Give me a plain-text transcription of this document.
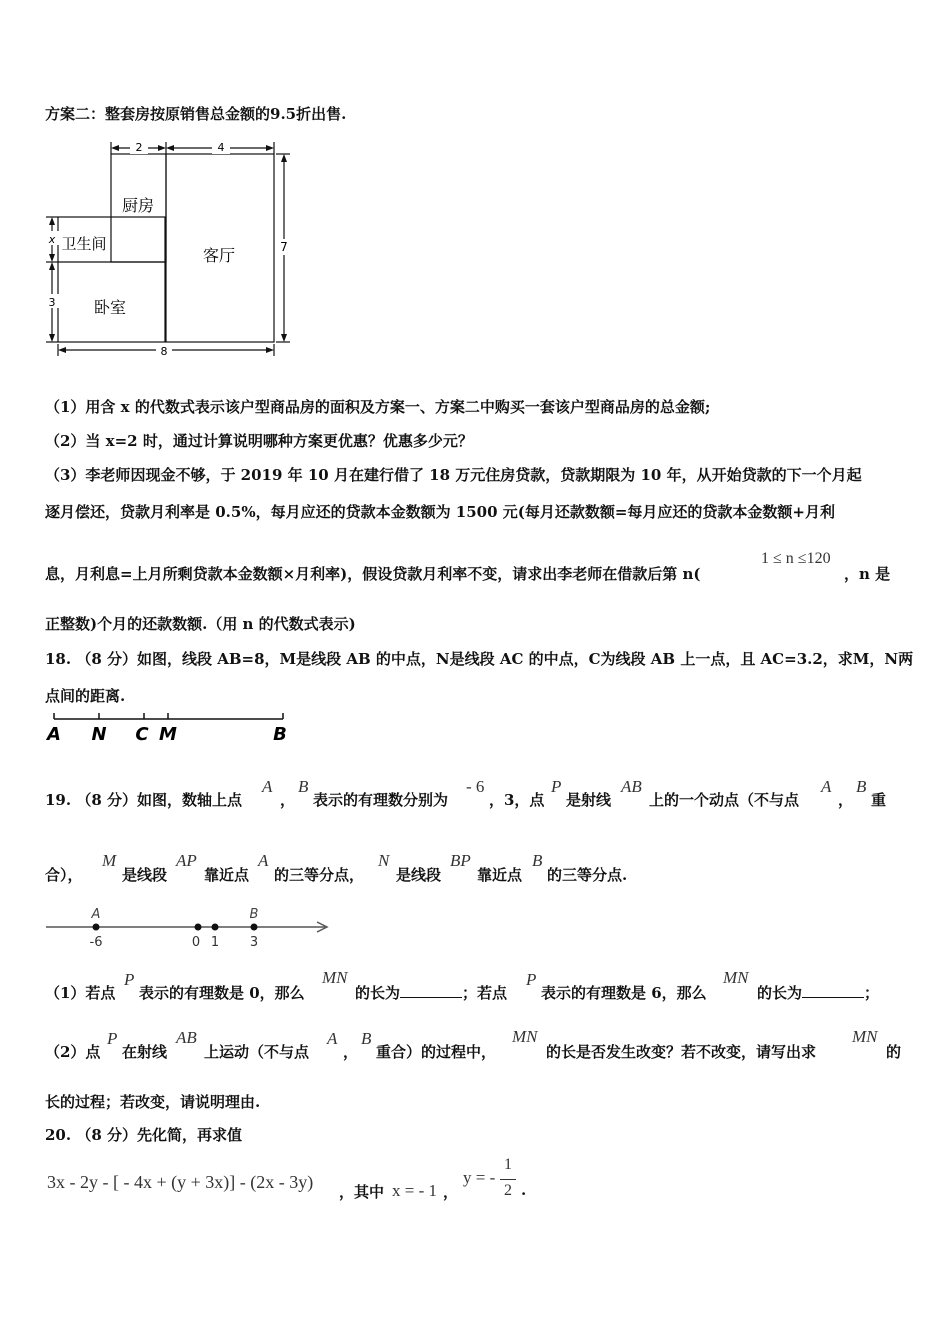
方案二：整套房按原销售总金额的9.5折出售.
2	4
7
x
3
8
厨房
卫生间
客厅
卧室
（1）用含 x 的代数式表示该户型商品房的面积及方案一、方案二中购买一套该户型商品房的总金额;
（2）当 x=2 时，通过计算说明哪种方案更优惠？优惠多少元？
（3）李老师因现金不够，于 2019 年 10 月在建行借了 18 万元住房贷款，贷款期限为 10 年，从开始贷款的下一个月起
逐月偿还，贷款月利率是 0.5%，每月应还的贷款本金数额为 1500 元(每月还款数额=每月应还的贷款本金数额+月利
息，月利息=上月所剩贷款本金数额×月利率)，假设贷款月利率不变，请求出李老师在借款后第 n(
1 ≤ n ≤120
，n 是
正整数)个月的还款数额.（用 n 的代数式表示)
18. （8 分）如图，线段 AB=8，M是线段 AB 的中点，N是线段 AC 的中点，C为线段 AB 上一点，且 AC=3.2，求M，N两
点间的距离.
A N C M	B
19. （8 分）如图，数轴上点
A
，
B
表示的有理数分别为
- 6
，3，点
P
是射线
AB
上的一个动点（不与点
A
，
B
重
合），
M
是线段
AP
靠近点
A
的三等分点，
N
是线段
BP
靠近点
B
的三等分点.
A	B
-6	0 1 3
（1）若点
P
表示的有理数是 0，那么
MN
的长为	；若点
P
表示的有理数是 6，那么
MN
的长为	；
（2）点
P
在射线
AB
上运动（不与点
A
，
B
重合）的过程中，
MN
的长是否发生改变？若不改变，请写出求
MN
的
长的过程；若改变，请说明理由.
20. （8 分）先化简，再求值
3x - 2y - [ - 4x + (y + 3x)] - (2x - 3y) ，其中 x = - 1 ，
y = -
1
2 .
